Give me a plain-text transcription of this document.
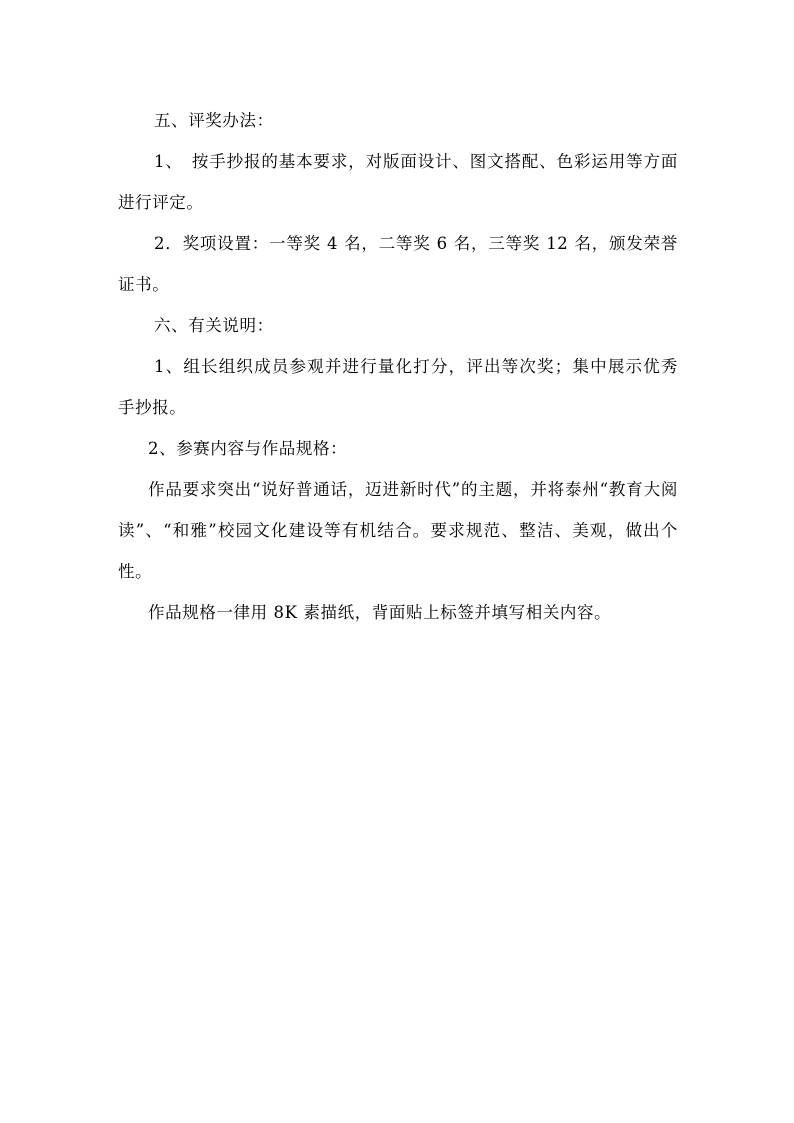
五、评奖办法：

1、　按手抄报的基本要求，对版面设计、图文搭配、色彩运用等方面进行评定。

2．奖项设置：一等奖 4 名，二等奖 6 名，三等奖 12 名，颁发荣誉证书。

六、有关说明：

1、组长组织成员参观并进行量化打分，评出等次奖；集中展示优秀手抄报。

2、参赛内容与作品规格：

作品要求突出“说好普通话，迈进新时代”的主题，并将泰州“教育大阅读”、“和雅”校园文化建设等有机结合。要求规范、整洁、美观，做出个性。

作品规格一律用 8K 素描纸，背面贴上标签并填写相关内容。
